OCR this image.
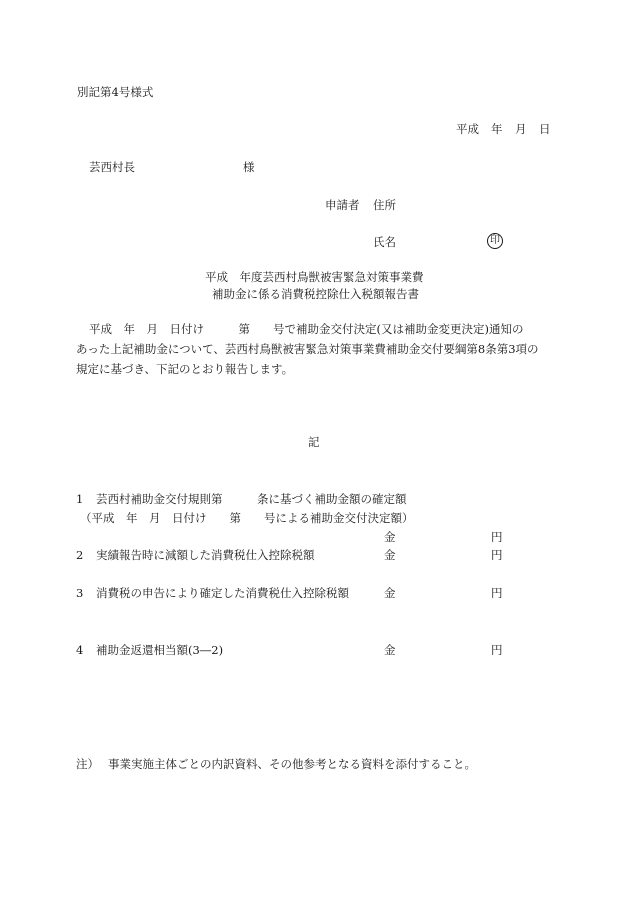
別記第4号様式
平成 年 月 日
芸西村長	様
申請者 住所
氏名	印
平成　年度芸西村鳥獣被害緊急対策事業費
補助金に係る消費税控除仕入税額報告書
平成　年　月　日付け　　　第　　号で補助金交付決定(又は補助金変更決定)通知の
あった上記補助金について、芸西村鳥獣被害緊急対策事業費補助金交付要綱第8条第3項の
規定に基づき、下記のとおり報告します。
記
1 芸西村補助金交付規則第　　　条に基づく補助金額の確定額
（平成　年　月　日付け　　第　　号による補助金交付決定額）
金	円
2 実績報告時に減額した消費税仕入控除税額	金	円
3 消費税の申告により確定した消費税仕入控除税額	金	円
4 補助金返還相当額(3―2)	金	円
注） 事業実施主体ごとの内訳資料、その他参考となる資料を添付すること。
